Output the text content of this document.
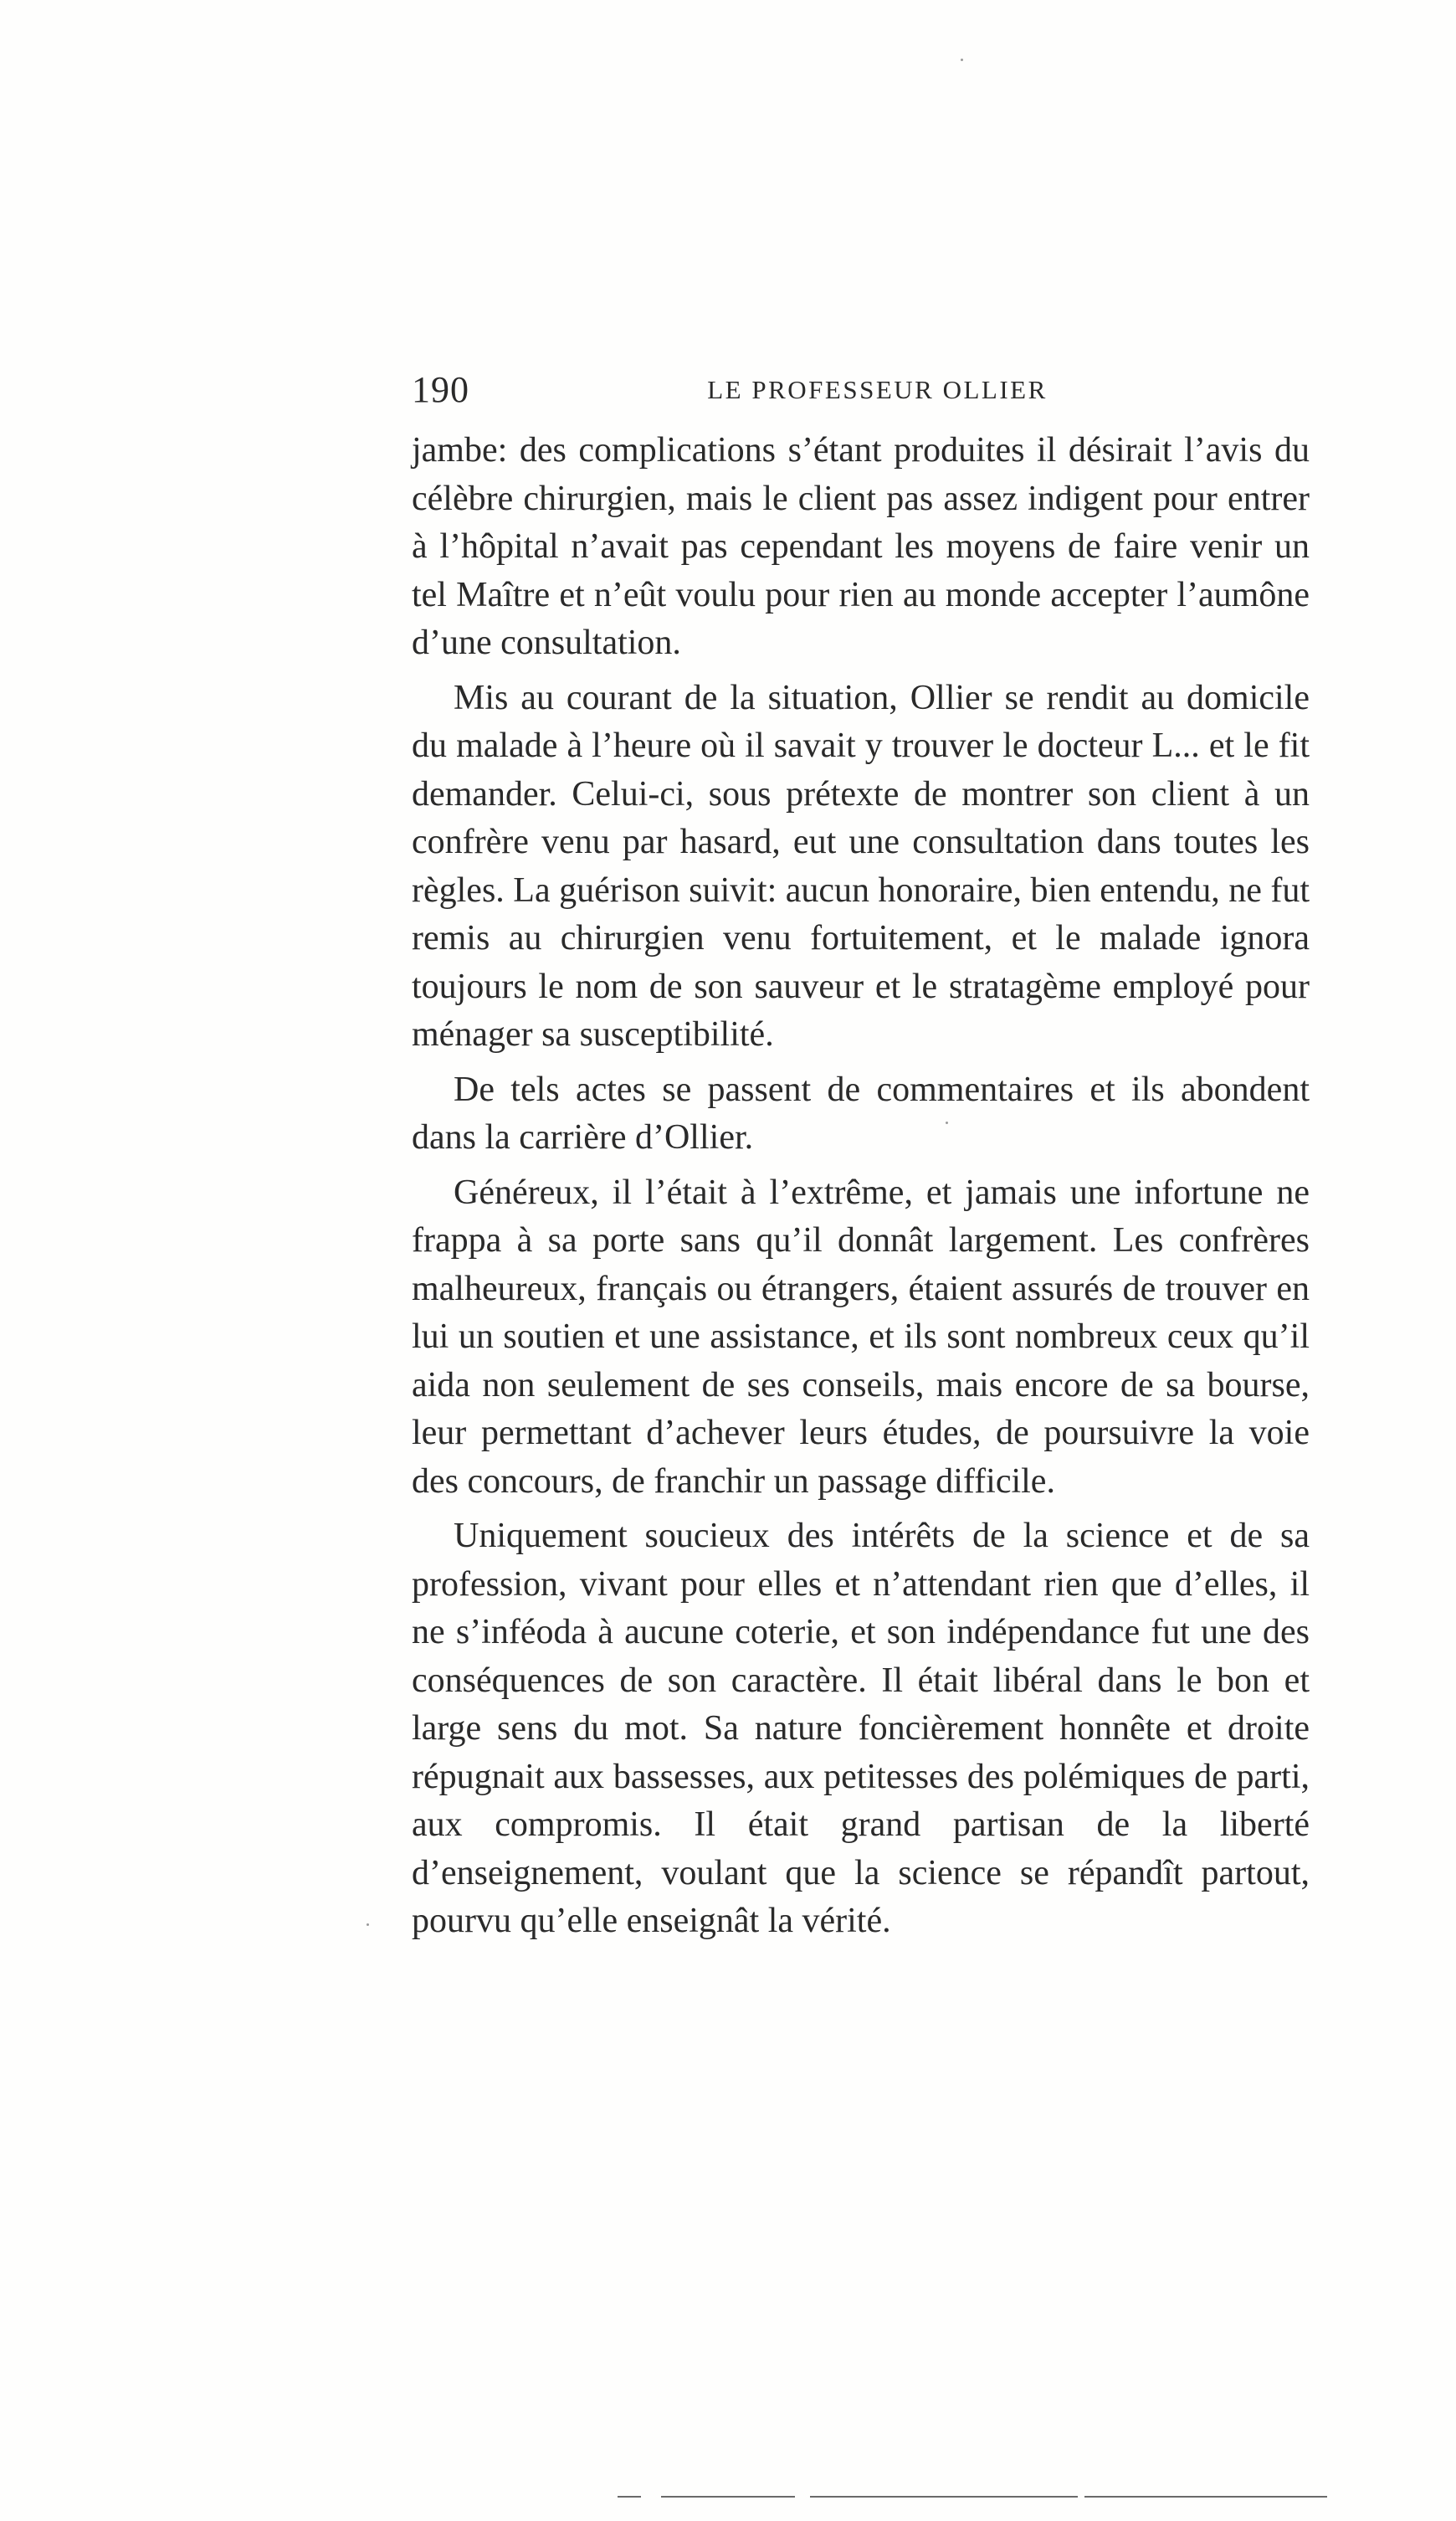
190	LE PROFESSEUR OLLIER

jambe: des complications s’étant produites il désirait l’avis du célèbre chirurgien, mais le client pas assez indigent pour entrer à l’hôpital n’avait pas cependant les moyens de faire venir un tel Maître et n’eût voulu pour rien au monde accepter l’aumône d’une consultation.

Mis au courant de la situation, Ollier se rendit au domicile du malade à l’heure où il savait y trouver le docteur L... et le fit demander. Celui-ci, sous prétexte de montrer son client à un confrère venu par hasard, eut une consultation dans toutes les règles. La guérison suivit: aucun honoraire, bien entendu, ne fut remis au chirurgien venu fortuitement, et le malade ignora toujours le nom de son sauveur et le stratagème employé pour ménager sa susceptibilité.

De tels actes se passent de commentaires et ils abondent dans la carrière d’Ollier.

Généreux, il l’était à l’extrême, et jamais une infortune ne frappa à sa porte sans qu’il donnât largement. Les confrères malheureux, français ou étrangers, étaient assurés de trouver en lui un soutien et une assistance, et ils sont nombreux ceux qu’il aida non seulement de ses conseils, mais encore de sa bourse, leur permettant d’achever leurs études, de poursuivre la voie des concours, de franchir un passage difficile.

Uniquement soucieux des intérêts de la science et de sa profession, vivant pour elles et n’attendant rien que d’elles, il ne s’inféoda à aucune coterie, et son indépendance fut une des conséquences de son caractère. Il était libéral dans le bon et large sens du mot. Sa nature foncièrement honnête et droite répugnait aux bassesses, aux petitesses des polémiques de parti, aux compromis. Il était grand partisan de la liberté d’enseignement, voulant que la science se répandît partout, pourvu qu’elle enseignât la vérité.
